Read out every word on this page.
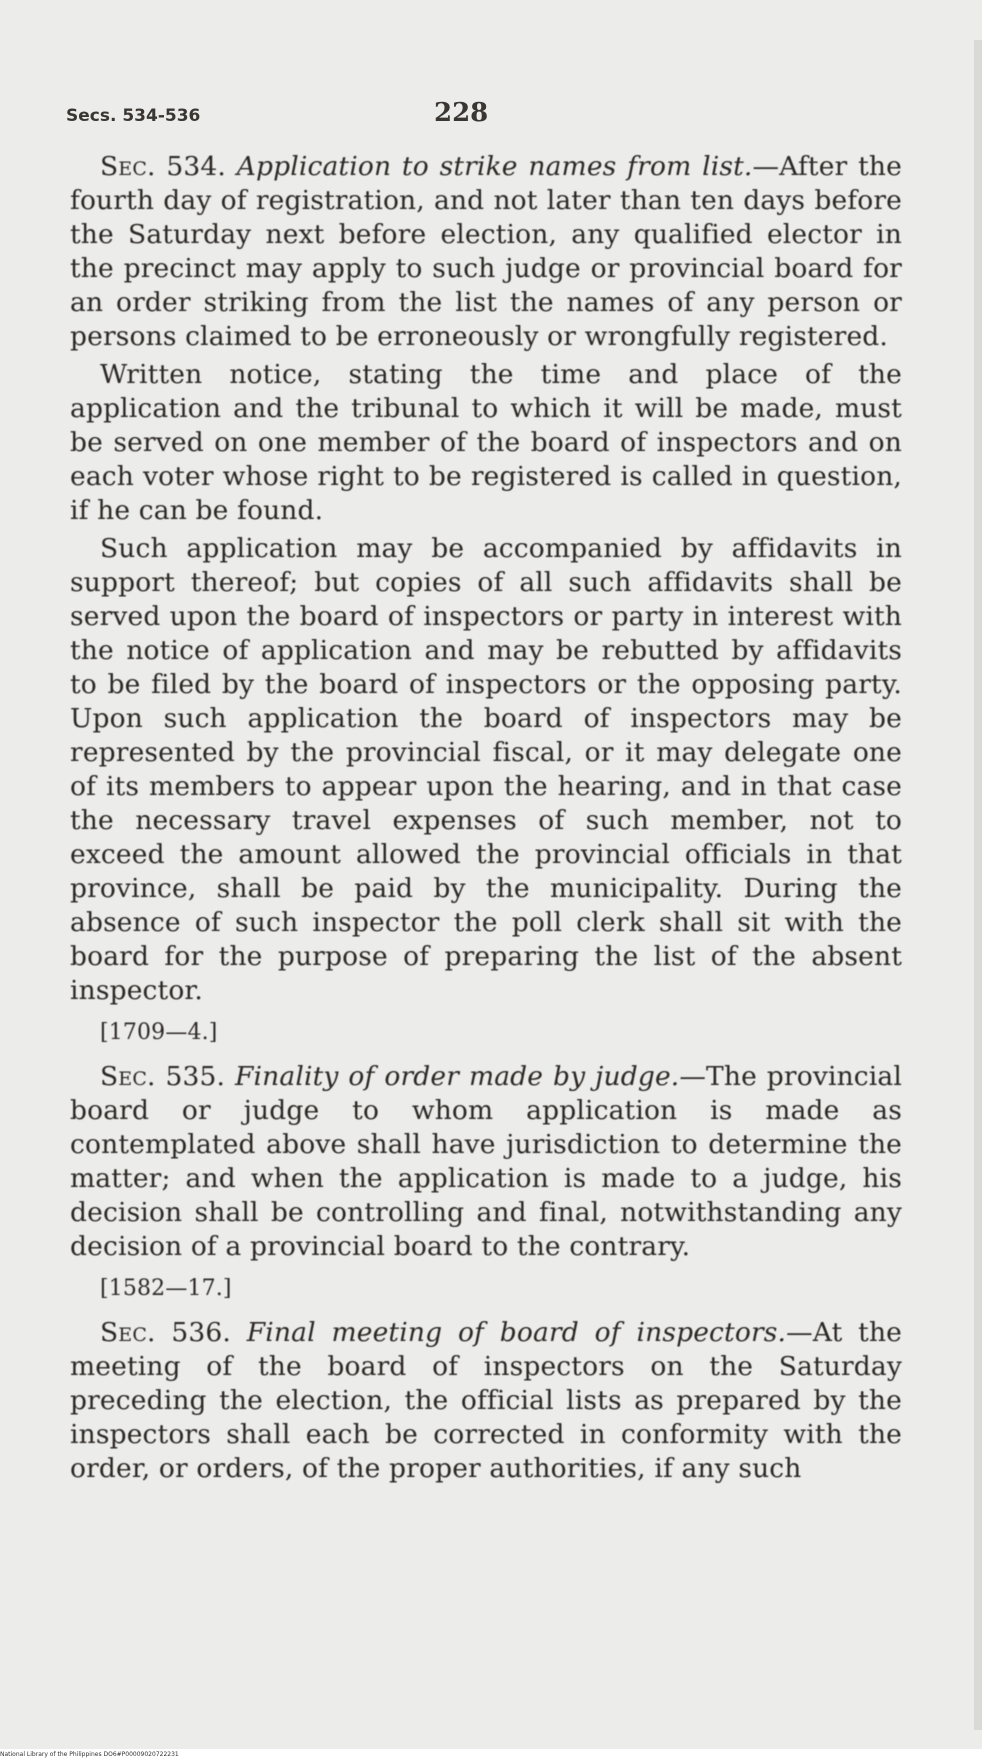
Secs. 534-536	228

Sec. 534. Application to strike names from list.—After the fourth day of registration, and not later than ten days before the Saturday next before election, any qualified elector in the precinct may apply to such judge or provincial board for an order striking from the list the names of any person or persons claimed to be erroneously or wrongfully registered.

Written notice, stating the time and place of the application and the tribunal to which it will be made, must be served on one member of the board of inspectors and on each voter whose right to be registered is called in question, if he can be found.

Such application may be accompanied by affidavits in support thereof; but copies of all such affidavits shall be served upon the board of inspectors or party in interest with the notice of application and may be rebutted by affidavits to be filed by the board of inspectors or the opposing party. Upon such application the board of inspectors may be represented by the provincial fiscal, or it may delegate one of its members to appear upon the hearing, and in that case the necessary travel expenses of such member, not to exceed the amount allowed the provincial officials in that province, shall be paid by the municipality. During the absence of such inspector the poll clerk shall sit with the board for the purpose of preparing the list of the absent inspector.

[1709—4.]

Sec. 535. Finality of order made by judge.—The provincial board or judge to whom application is made as contemplated above shall have jurisdiction to determine the matter; and when the application is made to a judge, his decision shall be controlling and final, notwithstanding any decision of a provincial board to the contrary.

[1582—17.]

Sec. 536. Final meeting of board of inspectors.—At the meeting of the board of inspectors on the Saturday preceding the election, the official lists as prepared by the inspectors shall each be corrected in conformity with the order, or orders, of the proper authorities, if any such

National Library of the Philippines DO6#P00009020722231
